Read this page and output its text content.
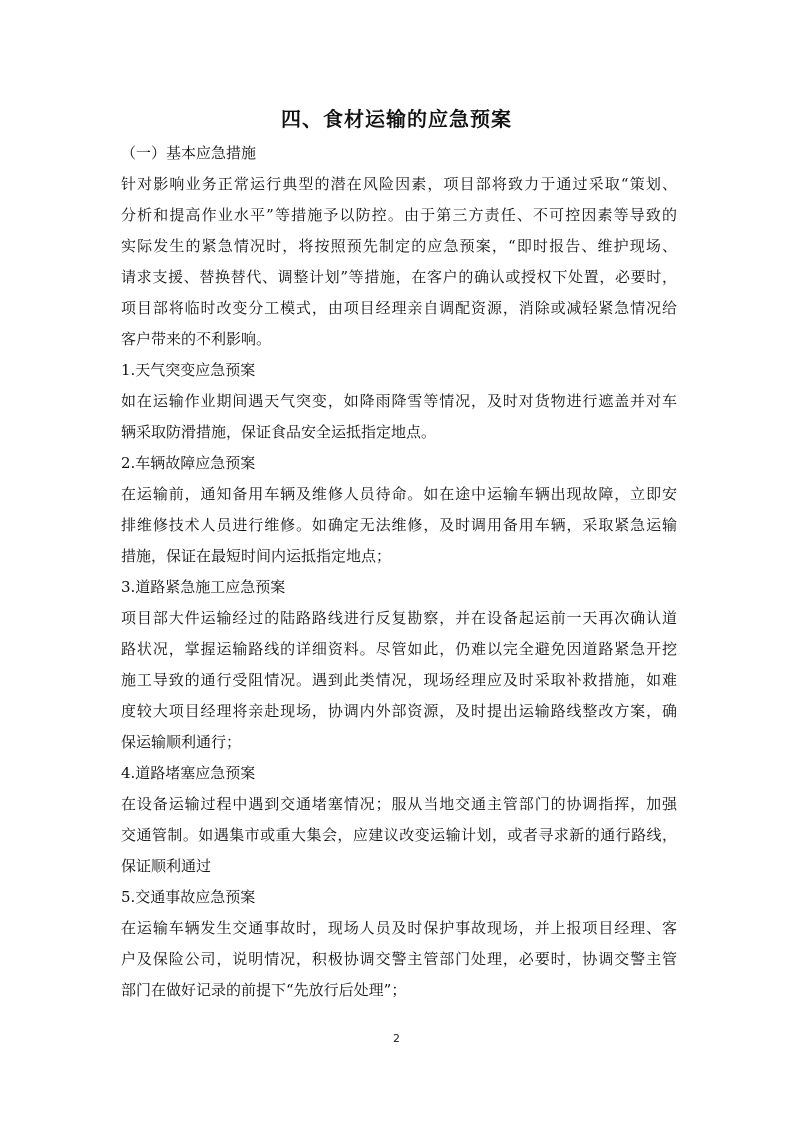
四、食材运输的应急预案
（一）基本应急措施
针对影响业务正常运行典型的潜在风险因素，项目部将致力于通过采取“策划、
分析和提高作业水平”等措施予以防控。由于第三方责任、不可控因素等导致的
实际发生的紧急情况时，将按照预先制定的应急预案，“即时报告、维护现场、
请求支援、替换替代、调整计划”等措施，在客户的确认或授权下处置，必要时，
项目部将临时改变分工模式，由项目经理亲自调配资源，消除或减轻紧急情况给
客户带来的不利影响。
1.天气突变应急预案
如在运输作业期间遇天气突变，如降雨降雪等情况，及时对货物进行遮盖并对车
辆采取防滑措施，保证食品安全运抵指定地点。
2.车辆故障应急预案
在运输前，通知备用车辆及维修人员待命。如在途中运输车辆出现故障，立即安
排维修技术人员进行维修。如确定无法维修，及时调用备用车辆，采取紧急运输
措施，保证在最短时间内运抵指定地点；
3.道路紧急施工应急预案
项目部大件运输经过的陆路路线进行反复勘察，并在设备起运前一天再次确认道
路状况，掌握运输路线的详细资料。尽管如此，仍难以完全避免因道路紧急开挖
施工导致的通行受阻情况。遇到此类情况，现场经理应及时采取补救措施，如难
度较大项目经理将亲赴现场，协调内外部资源，及时提出运输路线整改方案，确
保运输顺利通行；
4.道路堵塞应急预案
在设备运输过程中遇到交通堵塞情况；服从当地交通主管部门的协调指挥，加强
交通管制。如遇集市或重大集会，应建议改变运输计划，或者寻求新的通行路线，
保证顺利通过
5.交通事故应急预案
在运输车辆发生交通事故时，现场人员及时保护事故现场，并上报项目经理、客
户及保险公司，说明情况，积极协调交警主管部门处理，必要时，协调交警主管
部门在做好记录的前提下“先放行后处理”；
2
